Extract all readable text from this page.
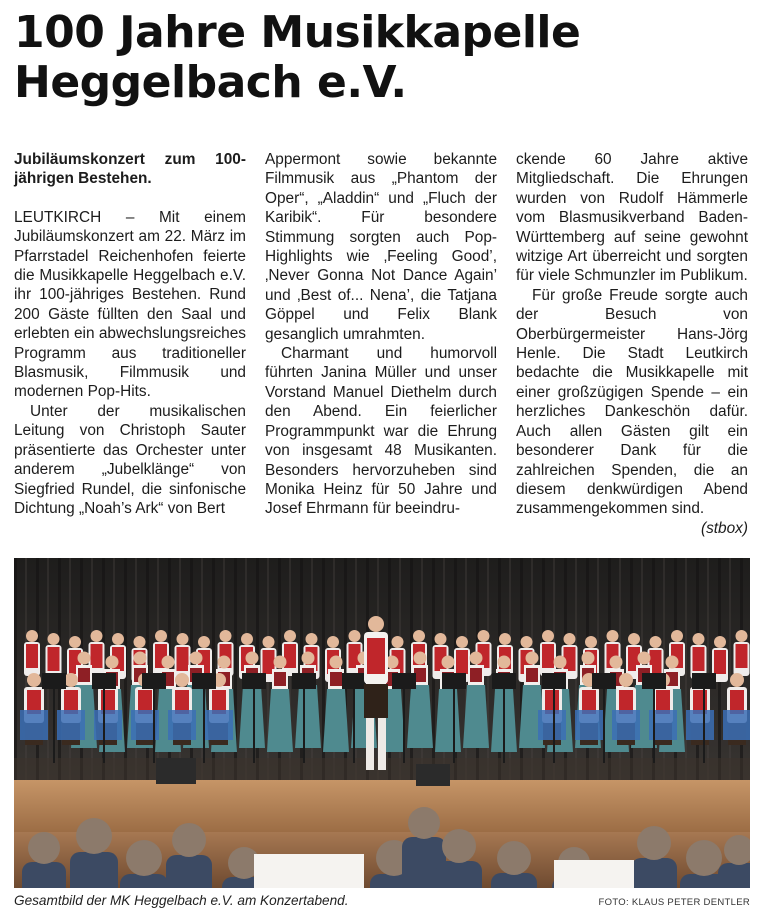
100 Jahre Musikkapelle Heggelbach e.V.

Jubiläumskonzert zum 100-jährigen Bestehen.

LEUTKIRCH – Mit einem Jubiläumskonzert am 22. März im Pfarrstadel Reichenhofen feierte die Musikkapelle Heggelbach e.V. ihr 100-jähriges Bestehen. Rund 200 Gäste füllten den Saal und erlebten ein abwechslungsreiches Programm aus traditioneller Blasmusik, Filmmusik und modernen Pop-Hits.

Unter der musikalischen Leitung von Christoph Sauter präsentierte das Orchester unter anderem „Jubelklänge“ von Siegfried Rundel, die sinfonische Dichtung „Noah’s Ark“ von Bert

Appermont sowie bekannte Filmmusik aus „Phantom der Oper“, „Aladdin“ und „Fluch der Karibik“. Für besondere Stimmung sorgten auch Pop-Highlights wie ‚Feeling Good’, ‚Never Gonna Not Dance Again’ und ‚Best of... Nena’, die Tatjana Göppel und Felix Blank gesanglich umrahmten.

Charmant und humorvoll führten Janina Müller und unser Vorstand Manuel Diethelm durch den Abend. Ein feierlicher Programmpunkt war die Ehrung von insgesamt 48 Musikanten. Besonders hervorzuheben sind Monika Heinz für 50 Jahre und Josef Ehrmann für beeindru-

ckende 60 Jahre aktive Mitgliedschaft. Die Ehrungen wurden von Rudolf Hämmerle vom Blasmusikverband Baden-Württemberg auf seine gewohnt witzige Art überreicht und sorgten für viele Schmunzler im Publikum.

Für große Freude sorgte auch der Besuch von Oberbürgermeister Hans-Jörg Henle. Die Stadt Leutkirch bedachte die Musikkapelle mit einer großzügigen Spende – ein herzliches Dankeschön dafür. Auch allen Gästen gilt ein besonderer Dank für die zahlreichen Spenden, die an diesem denkwürdigen Abend zusammengekommen sind.
(stbox)

Gesamtbild der MK Heggelbach e.V. am Konzertabend.	FOTO: KLAUS PETER DENTLER
